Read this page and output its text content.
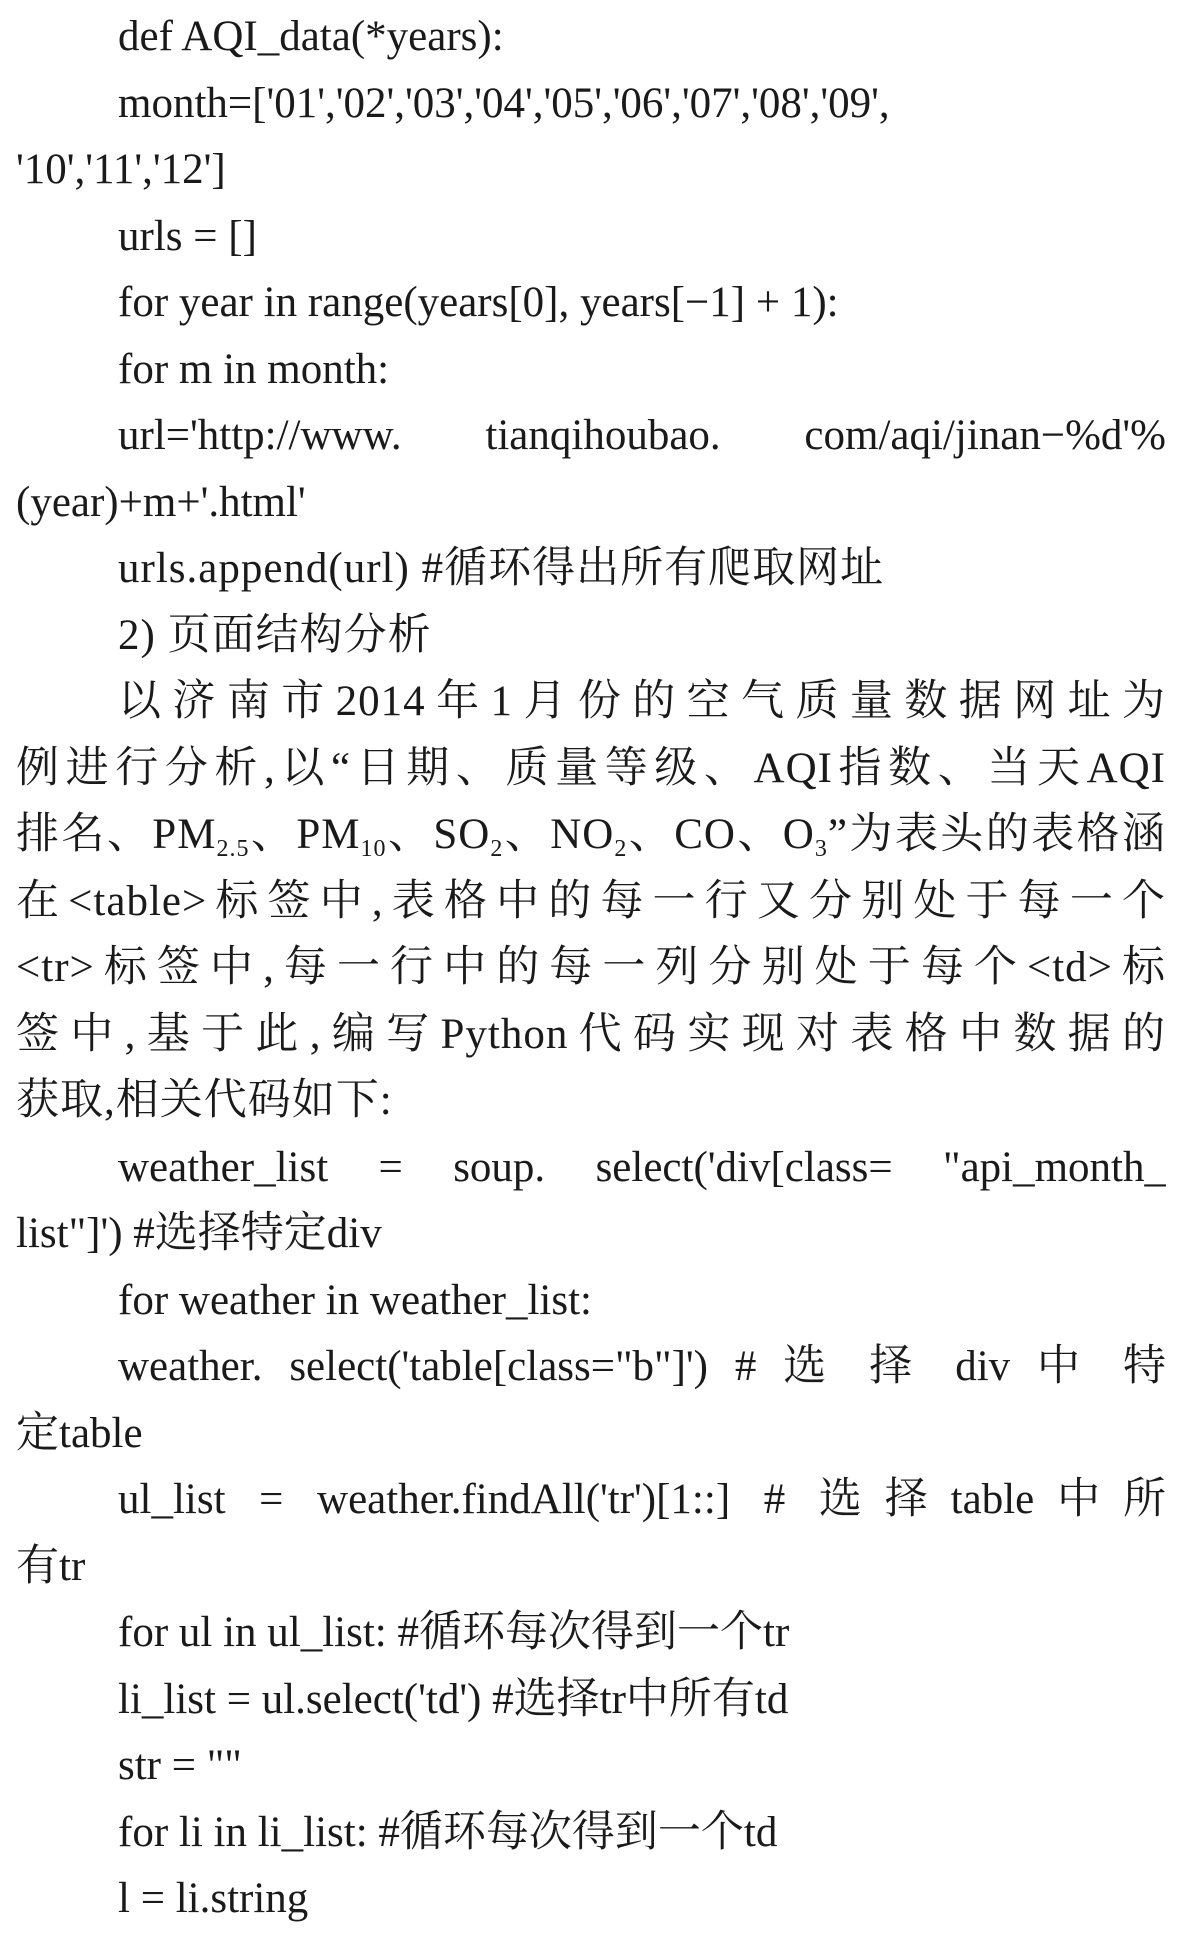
def AQI_data(*years):
month=['01','02','03','04','05','06','07','08','09',
'10','11','12']
urls = []
for year in range(years[0], years[−1] + 1):
for m in month:
url='http://www. tianqihoubao. com/aqi/jinan−%d'%
(year)+m+'.html'
urls.append(url) #循环得出所有爬取网址
2) 页面结构分析
以济南市2014年1月份的空气质量数据网址为
例进行分析,以“日期、质量等级、AQI指数、当天AQI
排名、$PM_{2.5}$、$PM_{10}$、$SO_2$、$NO_2$、CO、$O_3$”为表头的表格涵
在<table>标签中,表格中的每一行又分别处于每一个
<tr>标签中,每一行中的每一列分别处于每个<td>标
签中,基于此,编写Python代码实现对表格中数据的
获取,相关代码如下:
weather_list = soup. select('div[class= "api_month_
list"]') #选择特定div
for weather in weather_list:
weather. select('table[class="b"]') # 选 择 div 中 特
定table
ul_list = weather.findAll('tr')[1::] # 选择table中所
有tr
for ul in ul_list: #循环每次得到一个tr
li_list = ul.select('td') #选择tr中所有td
str = ""
for li in li_list: #循环每次得到一个td
l = li.string
